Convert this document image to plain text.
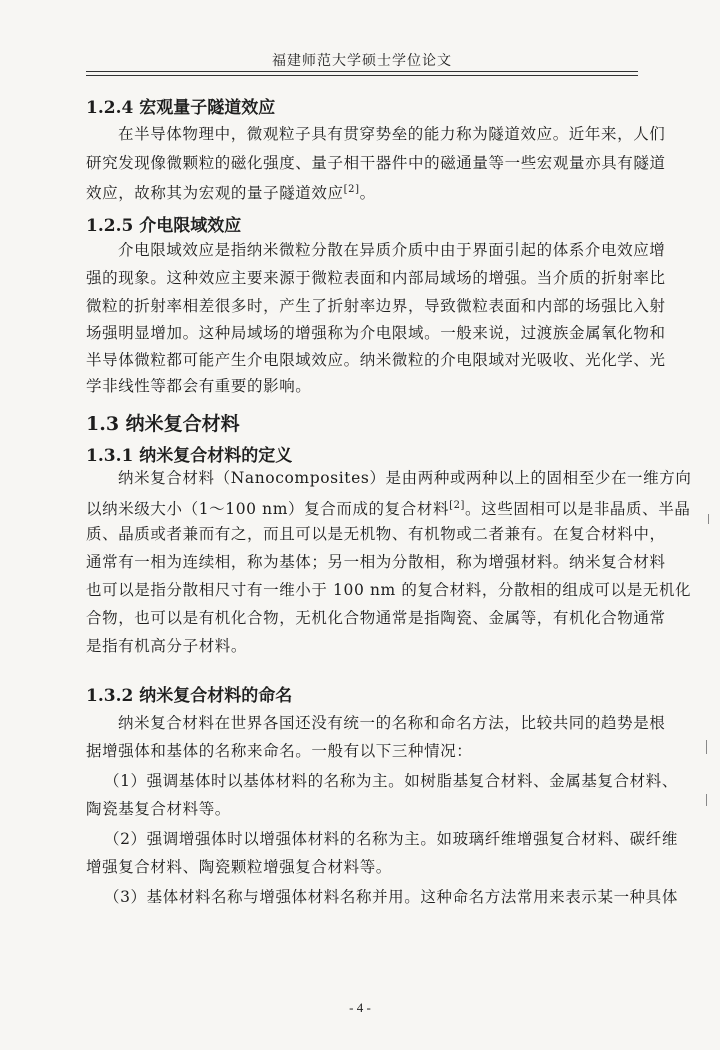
福建师范大学硕士学位论文
1.2.4 宏观量子隧道效应
在半导体物理中，微观粒子具有贯穿势垒的能力称为隧道效应。近年来，人们
研究发现像微颗粒的磁化强度、量子相干器件中的磁通量等一些宏观量亦具有隧道
效应，故称其为宏观的量子隧道效应[2]。
1.2.5 介电限域效应
介电限域效应是指纳米微粒分散在异质介质中由于界面引起的体系介电效应增
强的现象。这种效应主要来源于微粒表面和内部局域场的增强。当介质的折射率比
微粒的折射率相差很多时，产生了折射率边界，导致微粒表面和内部的场强比入射
场强明显增加。这种局域场的增强称为介电限域。一般来说，过渡族金属氧化物和
半导体微粒都可能产生介电限域效应。纳米微粒的介电限域对光吸收、光化学、光
学非线性等都会有重要的影响。
1.3 纳米复合材料
1.3.1 纳米复合材料的定义
纳米复合材料（Nanocomposites）是由两种或两种以上的固相至少在一维方向
以纳米级大小（1～100 nm）复合而成的复合材料[2]。这些固相可以是非晶质、半晶
质、晶质或者兼而有之，而且可以是无机物、有机物或二者兼有。在复合材料中，
通常有一相为连续相，称为基体；另一相为分散相，称为增强材料。纳米复合材料
也可以是指分散相尺寸有一维小于 100 nm 的复合材料，分散相的组成可以是无机化
合物，也可以是有机化合物，无机化合物通常是指陶瓷、金属等，有机化合物通常
是指有机高分子材料。
1.3.2 纳米复合材料的命名
纳米复合材料在世界各国还没有统一的名称和命名方法，比较共同的趋势是根
据增强体和基体的名称来命名。一般有以下三种情况：
（1）强调基体时以基体材料的名称为主。如树脂基复合材料、金属基复合材料、
陶瓷基复合材料等。
（2）强调增强体时以增强体材料的名称为主。如玻璃纤维增强复合材料、碳纤维
增强复合材料、陶瓷颗粒增强复合材料等。
（3）基体材料名称与增强体材料名称并用。这种命名方法常用来表示某一种具体
- 4 -
